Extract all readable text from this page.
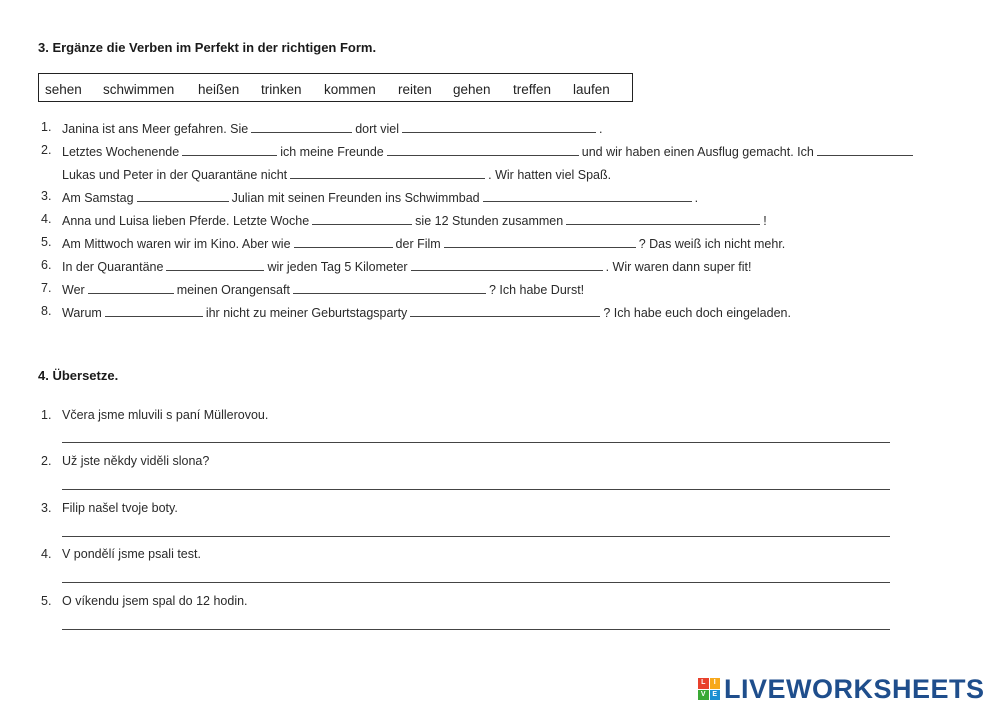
3. Ergänze die Verben im Perfekt in der richtigen Form.
sehen schwimmen heißen trinken kommen reiten gehen treffen laufen
1. Janina ist ans Meer gefahren. Sie	dort viel	.
2. Letztes Wochenende	ich meine Freunde	und wir haben einen Ausflug gemacht. Ich
Lukas und Peter in der Quarantäne nicht	. Wir hatten viel Spaß.
3. Am Samstag	Julian mit seinen Freunden ins Schwimmbad	.
4. Anna und Luisa lieben Pferde. Letzte Woche	sie 12 Stunden zusammen	!
5. Am Mittwoch waren wir im Kino. Aber wie	der Film	? Das weiß ich nicht mehr.
6. In der Quarantäne	wir jeden Tag 5 Kilometer	. Wir waren dann super fit!
7. Wer	meinen Orangensaft	? Ich habe Durst!
8. Warum	ihr nicht zu meiner Geburtstagsparty	? Ich habe euch doch eingeladen.
4. Übersetze.
1. Včera jsme mluvili s paní Müllerovou.
2. Už jste někdy viděli slona?
3. Filip našel tvoje boty.
4. V pondělí jsme psali test.
5. O víkendu jsem spal do 12 hodin.
L	I
V E LIVEWORKSHEETS
